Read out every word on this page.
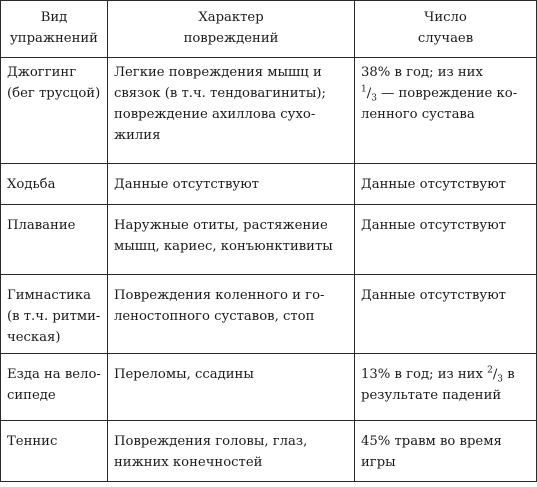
Вид
упражнений	Характер
повреждений	Число
случаев

Джоггинг
(бег трусцой)	Легкие повреждения мышц и
связок (в т.ч. тендовагиниты);
повреждение ахиллова сухо-
жилия	38% в год; из них
$^1/_3$ — повреждение ко-
ленного сустава

Ходьба	Данные отсутствуют	Данные отсутствуют

Плавание	Наружные отиты, растяжение
мышц, кариес, конъюнктивиты	Данные отсутствуют

Гимнастика
(в т.ч. ритми-
ческая)	Повреждения коленного и го-
леностопного суставов, стоп	Данные отсутствуют

Езда на вело-
сипеде	Переломы, ссадины	13% в год; из них $^2/_3$ в
результате падений

Теннис	Повреждения головы, глаз,
нижних конечностей	45% травм во время
игры
